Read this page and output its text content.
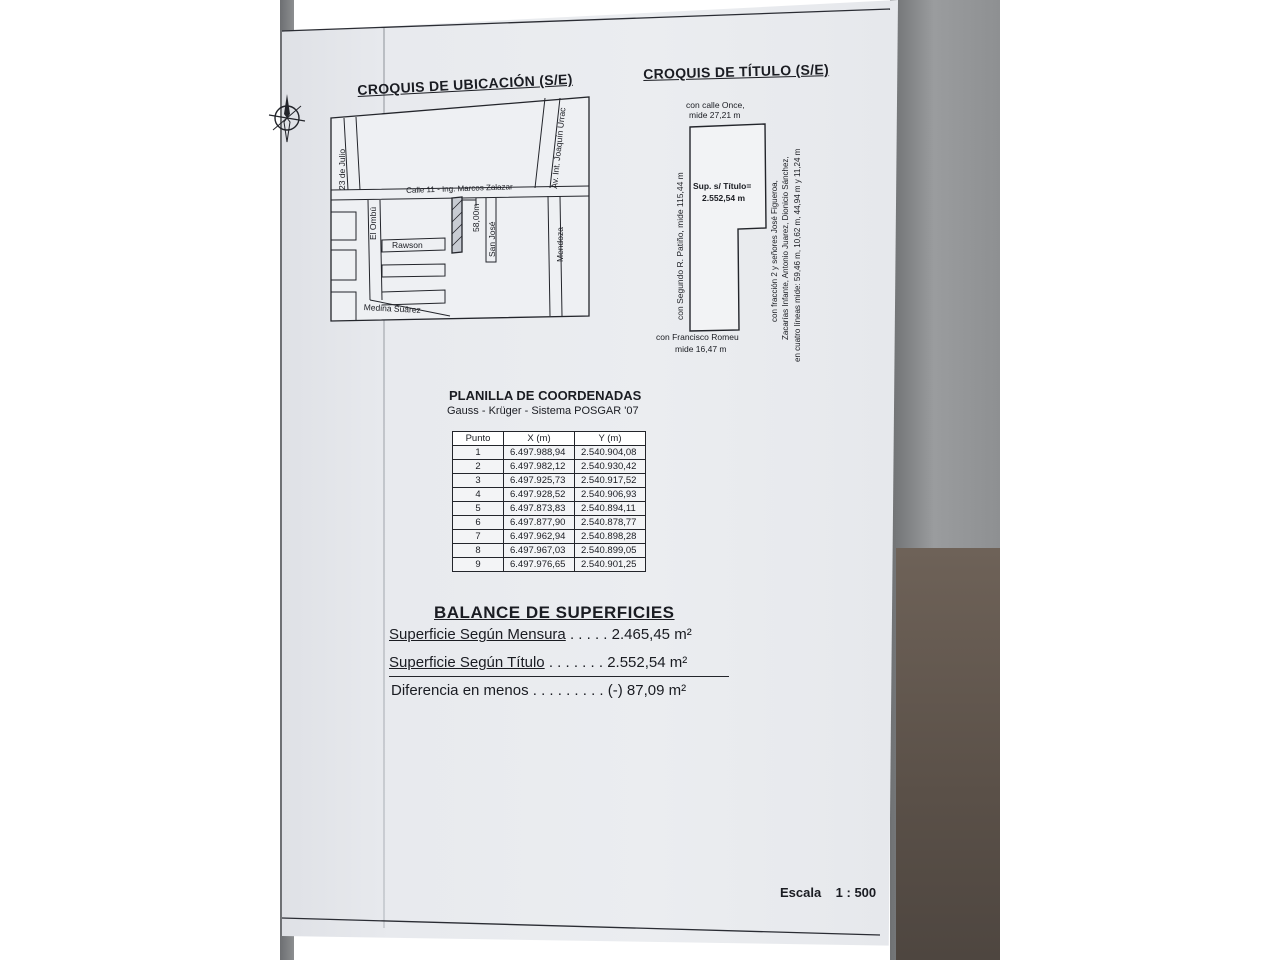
CROQUIS DE UBICACIÓN (S/E)
23 de Julio	Calle 11 - Ing. Marcos Zalazar	Av. Int. Joaquín Urrac
El Ombú
Rawson
58,00m
San José	Mendoza
Medina Suárez
CROQUIS DE TÍTULO (S/E)
con calle Once,
mide 27,21 m
con Segundo R. Patiño, mide 115,44 m Sup. s/ Título=
2.552,54 m
con Francisco Romeu
mide 16,47 m
con fracción 2 y señores José Figueroa, Zacarías Infante, Antonio Juarez, Dionicio Sánchez, en cuatro líneas mide: 59,46 m, 10,62 m, 44,94 m y 11,24 m
PLANILLA DE COORDENADAS
Gauss - Krüger - Sistema POSGAR '07
Punto	X (m)	Y (m)
1	6.497.988,94	2.540.904,08
2	6.497.982,12	2.540.930,42
3	6.497.925,73	2.540.917,52
4	6.497.928,52	2.540.906,93
5	6.497.873,83	2.540.894,11
6	6.497.877,90	2.540.878,77
7	6.497.962,94	2.540.898,28
8	6.497.967,03	2.540.899,05
9	6.497.976,65	2.540.901,25
BALANCE DE SUPERFICIES
Superficie Según Mensura . . . . . 2.465,45 m²
Superficie Según Título . . . . . . . 2.552,54 m²
Diferencia en menos . . . . . . . . . (-) 87,09 m²
Escala 1 : 500
